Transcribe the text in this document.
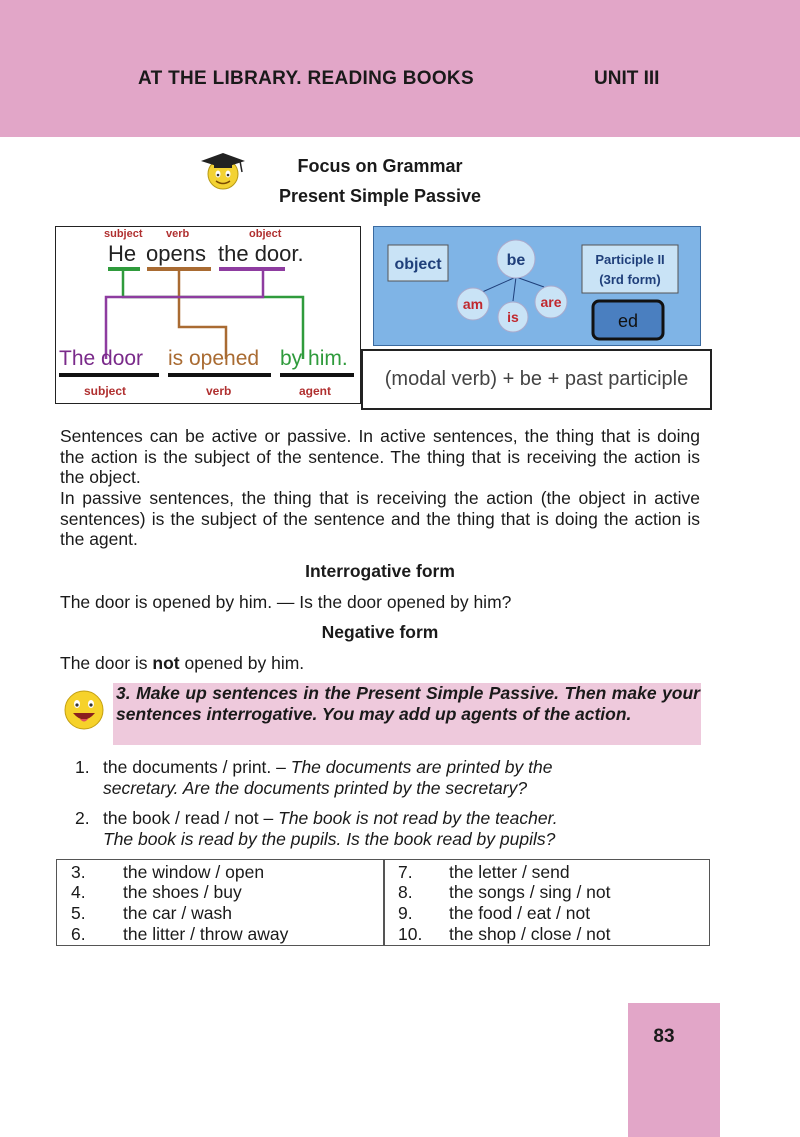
AT THE LIBRARY. READING BOOKS	UNIT III
Focus on Grammar
Present Simple Passive
subject verb	object
He opens the door.
The door is opened by him.
subject	verb	agent
object	be
am
is
are
Participle II
(3rd form)
ed
(modal verb) + be + past participle
Sentences can be active or passive. In active sentences, the thing that is doing the action is the subject of the sentence. The thing that is receiving the action is the object.
In passive sentences, the thing that is receiving the action (the object in active sentences) is the subject of the sentence and the thing that is doing the action is the agent.
Interrogative form
The door is opened by him. — Is the door opened by him?
Negative form
The door is not opened by him.
3. Make up sentences in the Present Simple Passive. Then make your sentences interrogative. You may add up agents of the action.
1. the documents / print. – The documents are printed by the
secretary. Are the documents printed by the secretary?
2. the book / read / not – The book is not read by the teacher.
The book is read by the pupils. Is the book read by pupils?
3. the window / open
4. the shoes / buy
5. the car / wash
6. the litter / throw away
7. the letter / send
8. the songs / sing / not
9. the food / eat / not
10. the shop / close / not
83
